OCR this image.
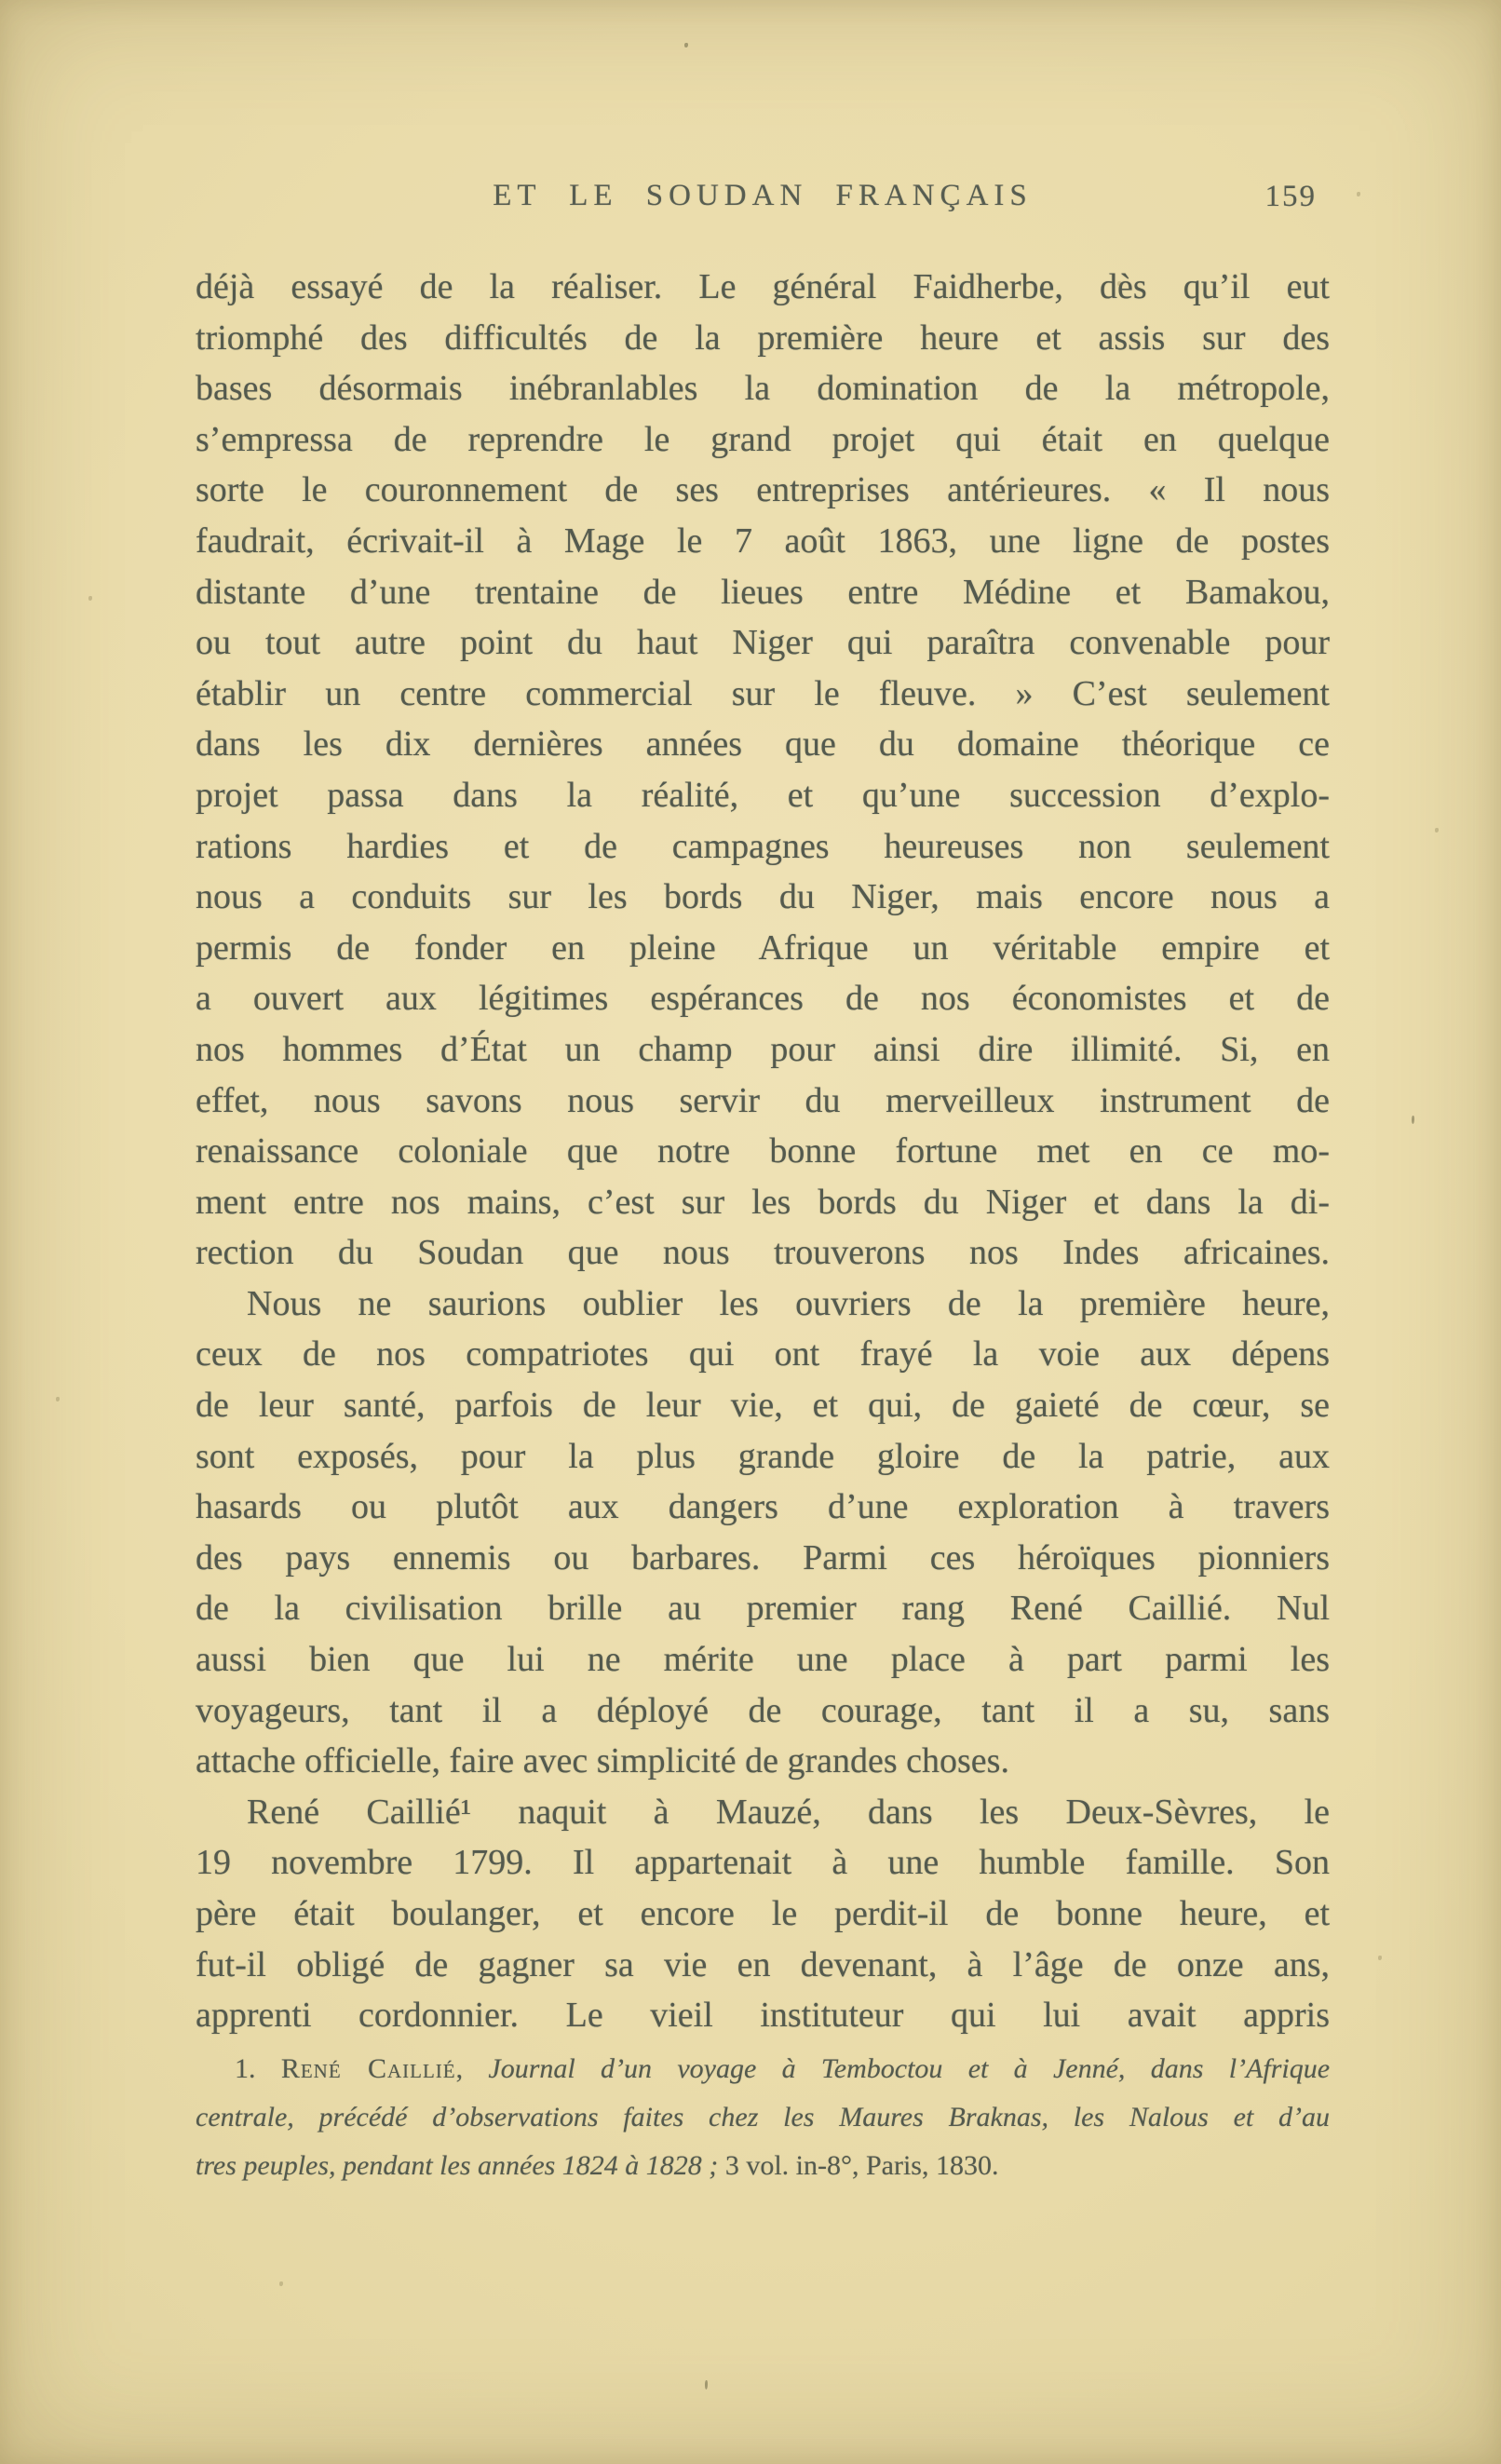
ET LE SOUDAN FRANÇAIS	159
déjà essayé de la réaliser. Le général Faidherbe, dès qu’il eut
triomphé des difficultés de la première heure et assis sur des
bases désormais inébranlables la domination de la métropole,
s’empressa de reprendre le grand projet qui était en quelque
sorte le couronnement de ses entreprises antérieures. « Il nous
faudrait, écrivait-il à Mage le 7 août 1863, une ligne de postes
distante d’une trentaine de lieues entre Médine et Bamakou,
ou tout autre point du haut Niger qui paraîtra convenable pour
établir un centre commercial sur le fleuve. » C’est seulement
dans les dix dernières années que du domaine théorique ce
projet passa dans la réalité, et qu’une succession d’explo-
rations hardies et de campagnes heureuses non seulement
nous a conduits sur les bords du Niger, mais encore nous a
permis de fonder en pleine Afrique un véritable empire et
a ouvert aux légitimes espérances de nos économistes et de
nos hommes d’État un champ pour ainsi dire illimité. Si, en
effet, nous savons nous servir du merveilleux instrument de
renaissance coloniale que notre bonne fortune met en ce mo-
ment entre nos mains, c’est sur les bords du Niger et dans la di-
rection du Soudan que nous trouverons nos Indes africaines.
Nous ne saurions oublier les ouvriers de la première heure,
ceux de nos compatriotes qui ont frayé la voie aux dépens
de leur santé, parfois de leur vie, et qui, de gaieté de cœur, se
sont exposés, pour la plus grande gloire de la patrie, aux
hasards ou plutôt aux dangers d’une exploration à travers
des pays ennemis ou barbares. Parmi ces héroïques pionniers
de la civilisation brille au premier rang René Caillié. Nul
aussi bien que lui ne mérite une place à part parmi les
voyageurs, tant il a déployé de courage, tant il a su, sans
attache officielle, faire avec simplicité de grandes choses.
René Caillié¹ naquit à Mauzé, dans les Deux-Sèvres, le
19 novembre 1799. Il appartenait à une humble famille. Son
père était boulanger, et encore le perdit-il de bonne heure, et
fut-il obligé de gagner sa vie en devenant, à l’âge de onze ans,
apprenti cordonnier. Le vieil instituteur qui lui avait appris
1. René Caillié, Journal d’un voyage à Temboctou et à Jenné, dans l’Afrique
centrale, précédé d’observations faites chez les Maures Braknas, les Nalous et d’au
tres peuples, pendant les années 1824 à 1828 ; 3 vol. in-8°, Paris, 1830.
